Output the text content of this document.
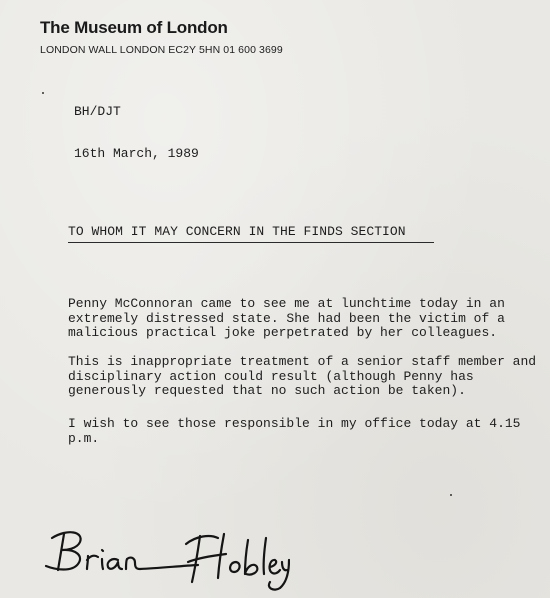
The Museum of London

LONDON WALL LONDON EC2Y 5HN 01 600 3699

BH/DJT

16th March, 1989

TO WHOM IT MAY CONCERN IN THE FINDS SECTION

Penny McConnoran came to see me at lunchtime today in an extremely distressed state. She had been the victim of a malicious practical joke perpetrated by her colleagues.

This is inappropriate treatment of a senior staff member and disciplinary action could result (although Penny has generously requested that no such action be taken).

I wish to see those responsible in my office today at 4.15 p.m.
